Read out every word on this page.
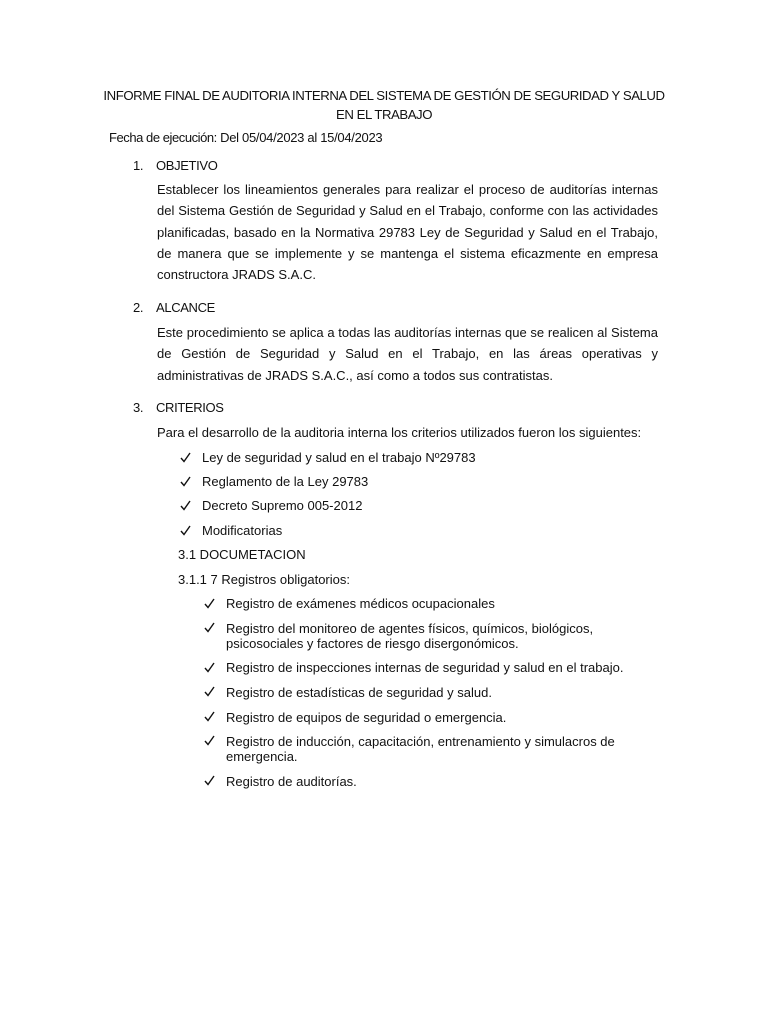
INFORME FINAL DE AUDITORIA INTERNA DEL SISTEMA DE GESTIÓN DE SEGURIDAD Y SALUD EN EL TRABAJO
Fecha de ejecución: Del 05/04/2023 al 15/04/2023
1. OBJETIVO

Establecer los lineamientos generales para realizar el proceso de auditorías internas del Sistema Gestión de Seguridad y Salud en el Trabajo, conforme con las actividades planificadas, basado en la Normativa 29783 Ley de Seguridad y Salud en el Trabajo, de manera que se implemente y se mantenga el sistema eficazmente en empresa constructora JRADS S.A.C.

2. ALCANCE

Este procedimiento se aplica a todas las auditorías internas que se realicen al Sistema de Gestión de Seguridad y Salud en el Trabajo, en las áreas operativas y administrativas de JRADS S.A.C., así como a todos sus contratistas.

3. CRITERIOS
Para el desarrollo de la auditoria interna los criterios utilizados fueron los siguientes:
Ley de seguridad y salud en el trabajo Nº29783
Reglamento de la Ley 29783
Decreto Supremo 005-2012
Modificatorias
3.1 DOCUMETACION
3.1.1 7 Registros obligatorios:
Registro de exámenes médicos ocupacionales
Registro del monitoreo de agentes físicos, químicos, biológicos, psicosociales y factores de riesgo disergonómicos.
Registro de inspecciones internas de seguridad y salud en el trabajo.
Registro de estadísticas de seguridad y salud.
Registro de equipos de seguridad o emergencia.
Registro de inducción, capacitación, entrenamiento y simulacros de emergencia.
Registro de auditorías.
